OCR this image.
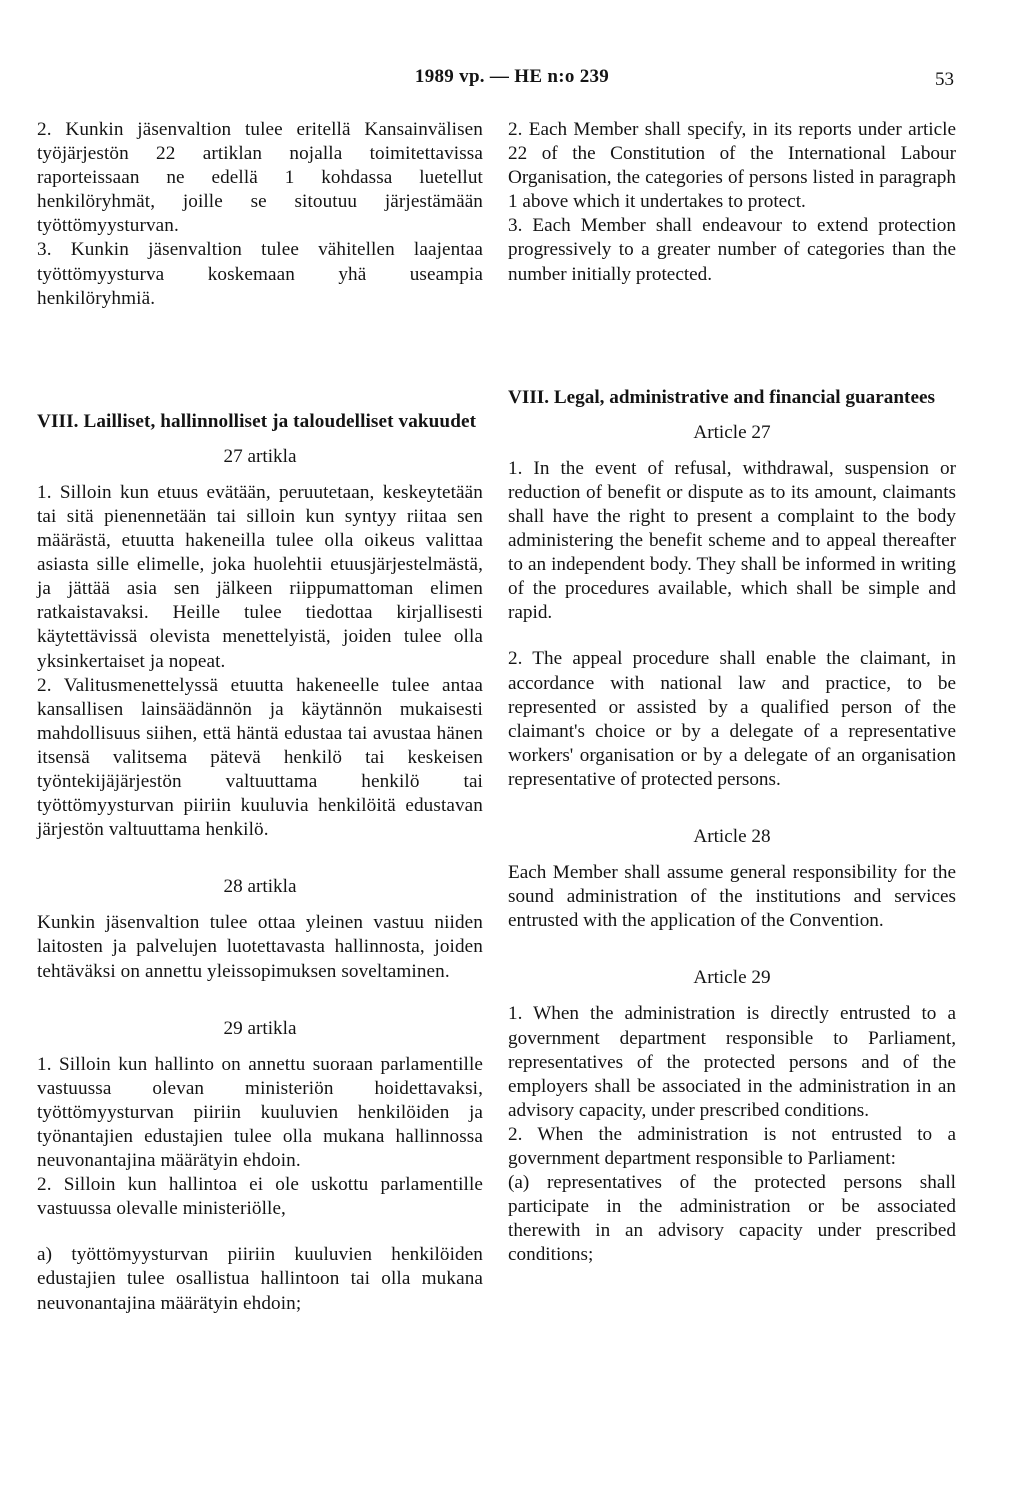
1989 vp. — HE n:o 239	53

2. Kunkin jäsenvaltion tulee eritellä Kansainvälisen työjärjestön 22 artiklan nojalla toimitettavissa raporteissaan ne edellä 1 kohdassa luetellut henkilöryhmät, joille se sitoutuu järjestämään työttömyysturvan.

3. Kunkin jäsenvaltion tulee vähitellen laajentaa työttömyysturva koskemaan yhä useampia henkilöryhmiä.

VIII. Lailliset, hallinnolliset ja taloudelliset vakuudet

27 artikla

1. Silloin kun etuus evätään, peruutetaan, keskeytetään tai sitä pienennetään tai silloin kun syntyy riitaa sen määrästä, etuutta hakeneilla tulee olla oikeus valittaa asiasta sille elimelle, joka huolehtii etuusjärjestelmästä, ja jättää asia sen jälkeen riippumattoman elimen ratkaistavaksi. Heille tulee tiedottaa kirjallisesti käytettävissä olevista menettelyistä, joiden tulee olla yksinkertaiset ja nopeat.

2. Valitusmenettelyssä etuutta hakeneelle tulee antaa kansallisen lainsäädännön ja käytännön mukaisesti mahdollisuus siihen, että häntä edustaa tai avustaa hänen itsensä valitsema pätevä henkilö tai keskeisen työntekijäjärjestön valtuuttama henkilö tai työttömyysturvan piiriin kuuluvia henkilöitä edustavan järjestön valtuuttama henkilö.

28 artikla

Kunkin jäsenvaltion tulee ottaa yleinen vastuu niiden laitosten ja palvelujen luotettavasta hallinnosta, joiden tehtäväksi on annettu yleissopimuksen soveltaminen.

29 artikla

1. Silloin kun hallinto on annettu suoraan parlamentille vastuussa olevan ministeriön hoidettavaksi, työttömyysturvan piiriin kuuluvien henkilöiden ja työnantajien edustajien tulee olla mukana hallinnossa neuvonantajina määrätyin ehdoin.

2. Silloin kun hallintoa ei ole uskottu parlamentille vastuussa olevalle ministeriölle,

a) työttömyysturvan piiriin kuuluvien henkilöiden edustajien tulee osallistua hallintoon tai olla mukana neuvonantajina määrätyin ehdoin;

2. Each Member shall specify, in its reports under article 22 of the Constitution of the International Labour Organisation, the categories of persons listed in paragraph 1 above which it undertakes to protect.

3. Each Member shall endeavour to extend protection progressively to a greater number of categories than the number initially protected.

VIII. Legal, administrative and financial guarantees

Article 27

1. In the event of refusal, withdrawal, suspension or reduction of benefit or dispute as to its amount, claimants shall have the right to present a complaint to the body administering the benefit scheme and to appeal thereafter to an independent body. They shall be informed in writing of the procedures available, which shall be simple and rapid.

2. The appeal procedure shall enable the claimant, in accordance with national law and practice, to be represented or assisted by a qualified person of the claimant's choice or by a delegate of a representative workers' organisation or by a delegate of an organisation representative of protected persons.

Article 28

Each Member shall assume general responsibility for the sound administration of the institutions and services entrusted with the application of the Convention.

Article 29

1. When the administration is directly entrusted to a government department responsible to Parliament, representatives of the protected persons and of the employers shall be associated in the administration in an advisory capacity, under prescribed conditions.

2. When the administration is not entrusted to a government department responsible to Parliament:

(a) representatives of the protected persons shall participate in the administration or be associated therewith in an advisory capacity under prescribed conditions;
